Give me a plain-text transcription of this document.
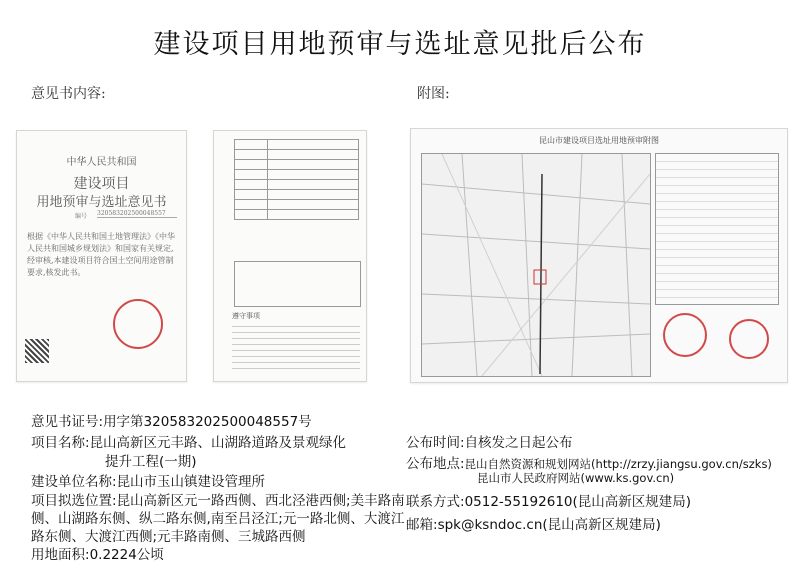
建设项目用地预审与选址意见批后公布
意见书内容:	附图:
中华人民共和国
建设项目
用地预审与选址意见书
编号 320583202500048557
根据《中华人民共和国土地管理法》《中华人民共和国城乡规划法》和国家有关规定,经审核,本建设项目符合国土空间用途管制要求,核发此书。

遵守事项
昆山市建设项目选址用地预审附图
意见书证号:用字第320583202500048557号
项目名称:昆山高新区元丰路、山湖路道路及景观绿化
提升工程(一期)
建设单位名称:昆山市玉山镇建设管理所
项目拟选位置:昆山高新区元一路西侧、西北泾港西侧;美丰路南
侧、山湖路东侧、纵二路东侧,南至吕泾江;元一路北侧、大渡江
路东侧、大渡江西侧;元丰路南侧、三城路西侧
用地面积:0.2224公顷
公布时间:自核发之日起公布
公布地点:昆山自然资源和规划网站(http://zrzy.jiangsu.gov.cn/szks)
昆山市人民政府网站(www.ks.gov.cn)
联系方式:0512-55192610(昆山高新区规建局)
邮箱:spk@ksndoc.cn(昆山高新区规建局)
